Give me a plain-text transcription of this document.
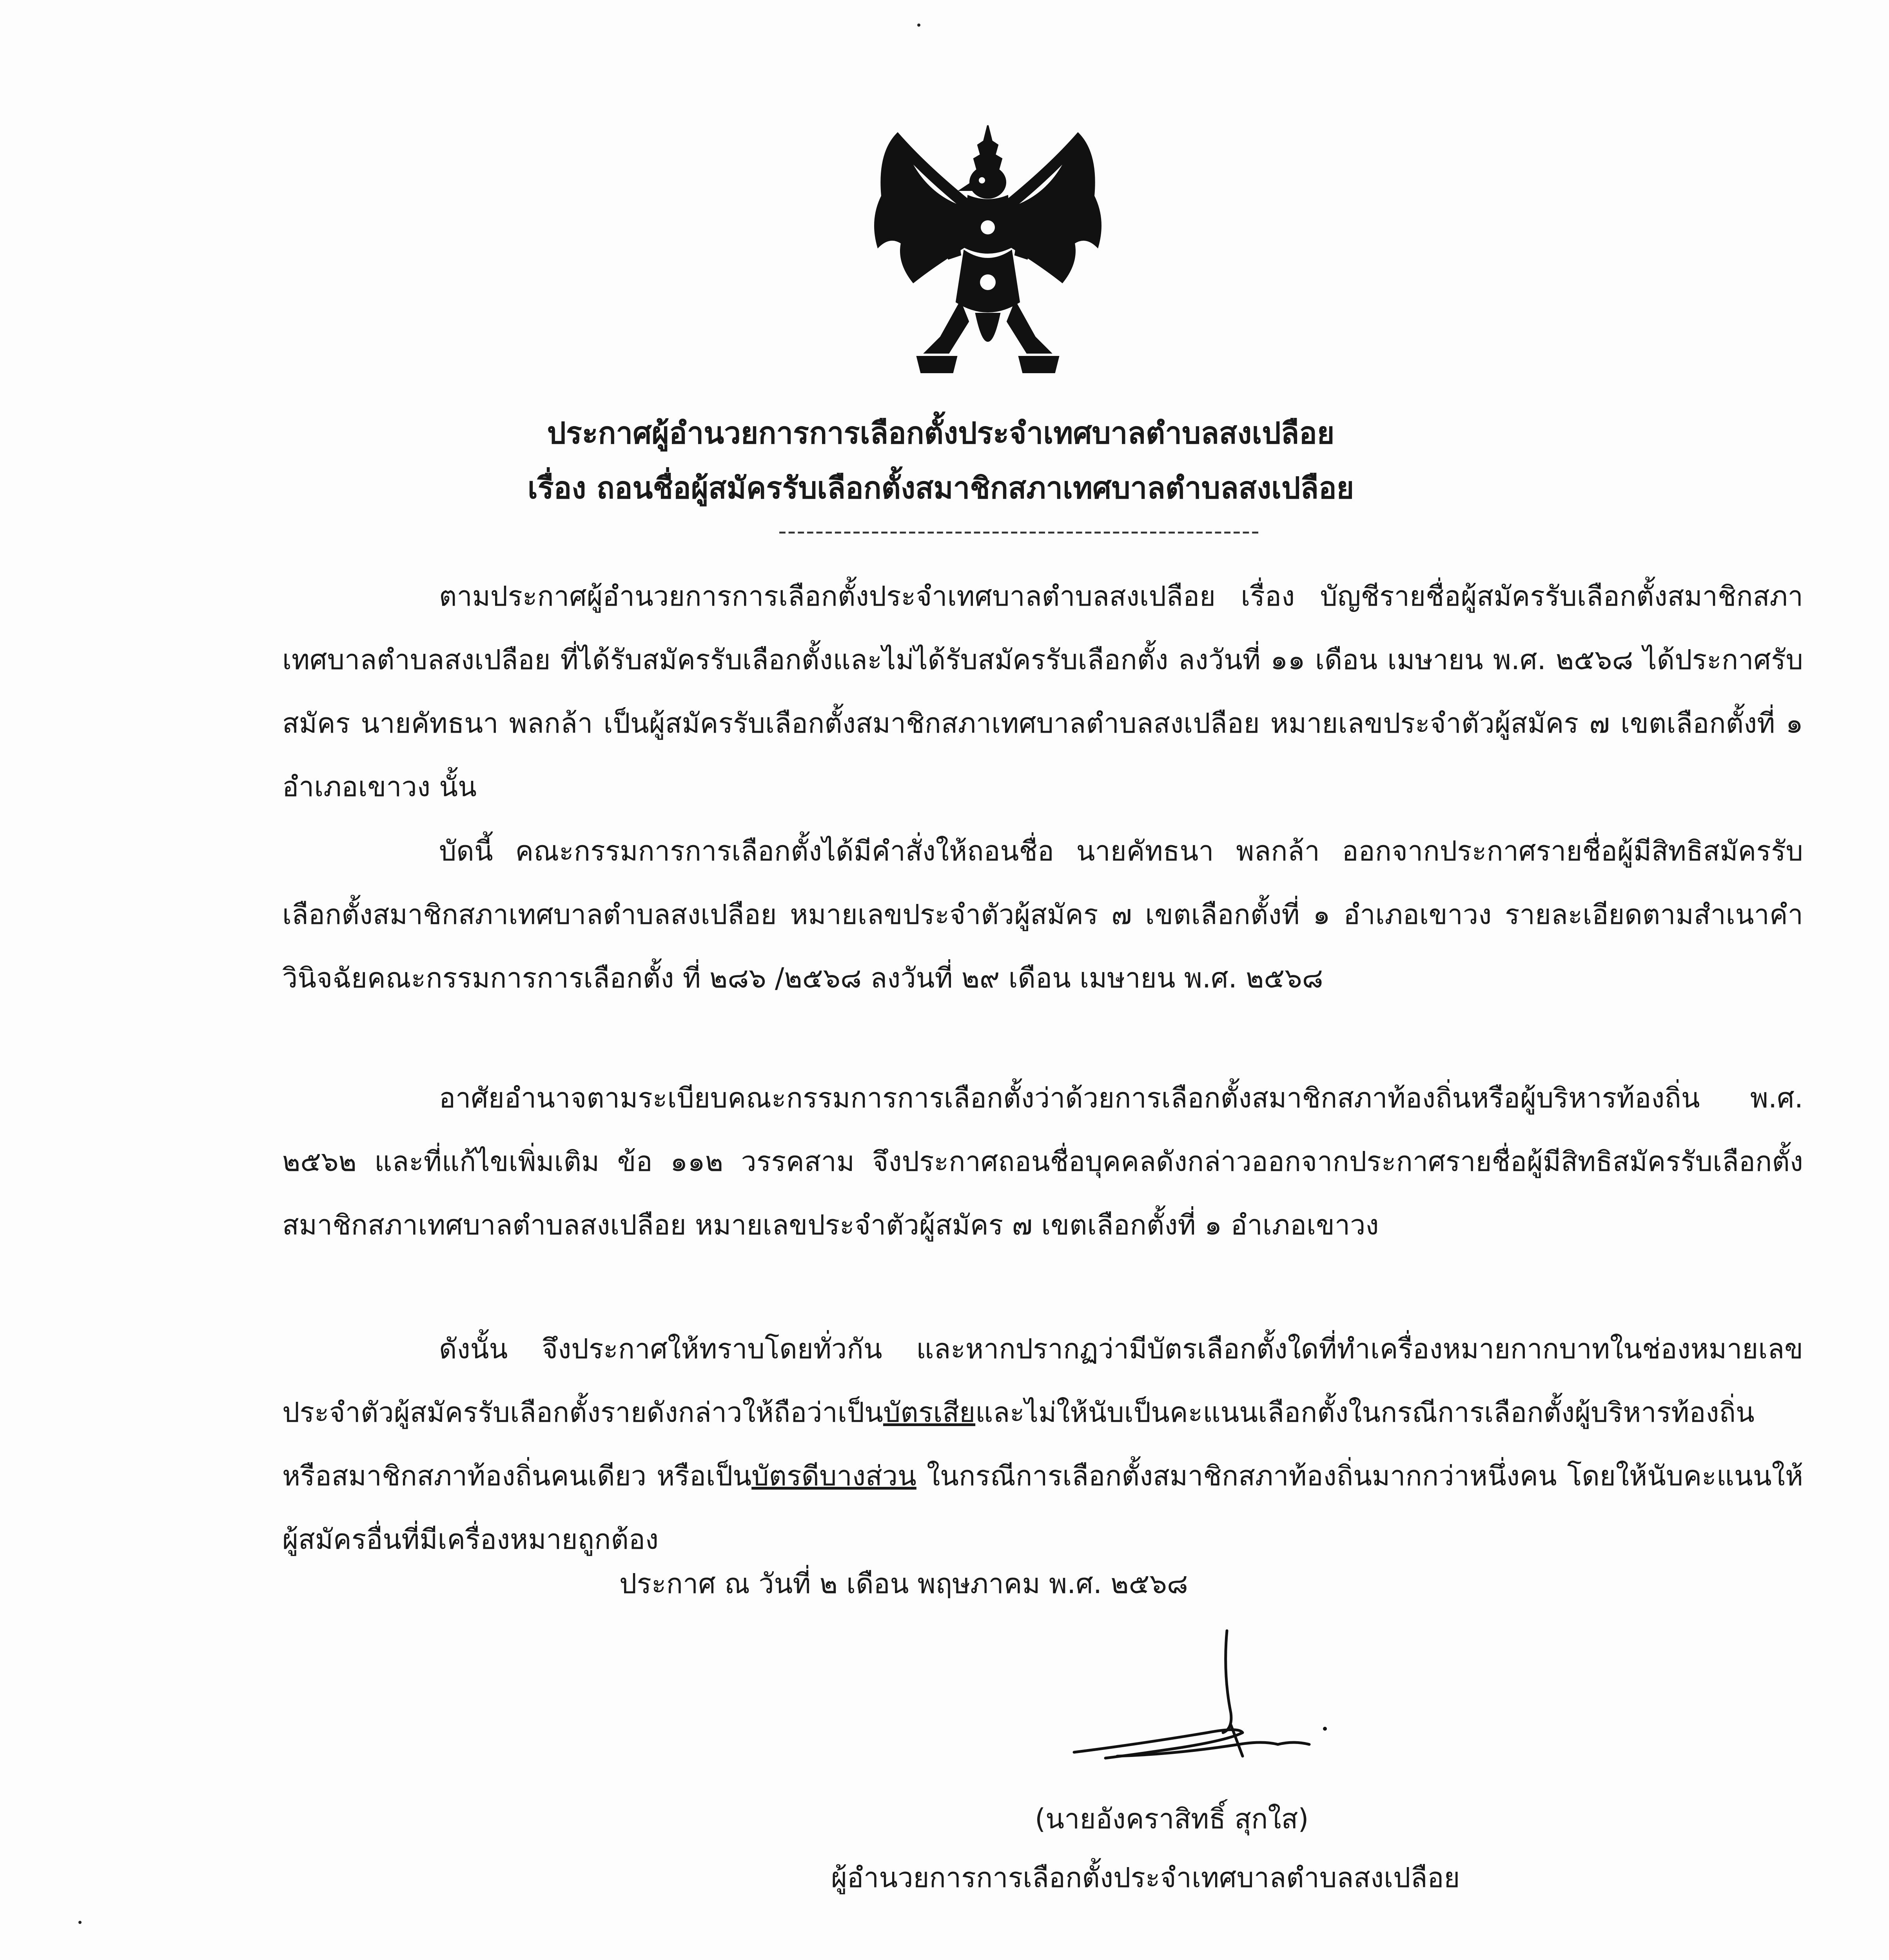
ประกาศผู้อำนวยการการเลือกตั้งประจำเทศบาลตำบลสงเปลือย
เรื่อง ถอนชื่อผู้สมัครรับเลือกตั้งสมาชิกสภาเทศบาลตำบลสงเปลือย
----------------------------------------------------
ตามประกาศผู้อำนวยการการเลือกตั้งประจำเทศบาลตำบลสงเปลือย เรื่อง บัญชีรายชื่อผู้สมัครรับเลือกตั้งสมาชิกสภาเทศบาลตำบลสงเปลือย ที่ได้รับสมัครรับเลือกตั้งและไม่ได้รับสมัครรับเลือกตั้ง ลงวันที่ ๑๑ เดือน เมษายน พ.ศ. ๒๕๖๘ ได้ประกาศรับสมัคร นายคัทธนา พลกล้า เป็นผู้สมัครรับเลือกตั้งสมาชิกสภาเทศบาลตำบลสงเปลือย หมายเลขประจำตัวผู้สมัคร ๗ เขตเลือกตั้งที่ ๑ อำเภอเขาวง นั้น
บัดนี้ คณะกรรมการการเลือกตั้งได้มีคำสั่งให้ถอนชื่อ นายคัทธนา พลกล้า ออกจากประกาศรายชื่อผู้มีสิทธิสมัครรับเลือกตั้งสมาชิกสภาเทศบาลตำบลสงเปลือย หมายเลขประจำตัวผู้สมัคร ๗ เขตเลือกตั้งที่ ๑ อำเภอเขาวง รายละเอียดตามสำเนาคำวินิจฉัยคณะกรรมการการเลือกตั้ง ที่ ๒๘๖ /๒๕๖๘ ลงวันที่ ๒๙ เดือน เมษายน พ.ศ. ๒๕๖๘
อาศัยอำนาจตามระเบียบคณะกรรมการการเลือกตั้งว่าด้วยการเลือกตั้งสมาชิกสภาท้องถิ่นหรือผู้บริหารท้องถิ่น พ.ศ. ๒๕๖๒ และที่แก้ไขเพิ่มเติม ข้อ ๑๑๒ วรรคสาม จึงประกาศถอนชื่อบุคคลดังกล่าวออกจากประกาศรายชื่อผู้มีสิทธิสมัครรับเลือกตั้งสมาชิกสภาเทศบาลตำบลสงเปลือย หมายเลขประจำตัวผู้สมัคร ๗ เขตเลือกตั้งที่ ๑ อำเภอเขาวง
ดังนั้น จึงประกาศให้ทราบโดยทั่วกัน และหากปรากฏว่ามีบัตรเลือกตั้งใดที่ทำเครื่องหมายกากบาทในช่องหมายเลขประจำตัวผู้สมัครรับเลือกตั้งรายดังกล่าวให้ถือว่าเป็นบัตรเสียและไม่ให้นับเป็นคะแนนเลือกตั้งในกรณีการเลือกตั้งผู้บริหารท้องถิ่นหรือสมาชิกสภาท้องถิ่นคนเดียว หรือเป็นบัตรดีบางส่วน ในกรณีการเลือกตั้งสมาชิกสภาท้องถิ่นมากกว่าหนึ่งคน โดยให้นับคะแนนให้ผู้สมัครอื่นที่มีเครื่องหมายถูกต้อง
ประกาศ ณ วันที่ ๒ เดือน พฤษภาคม พ.ศ. ๒๕๖๘
(นายอังคราสิทธิ์ สุกใส)
ผู้อำนวยการการเลือกตั้งประจำเทศบาลตำบลสงเปลือย
